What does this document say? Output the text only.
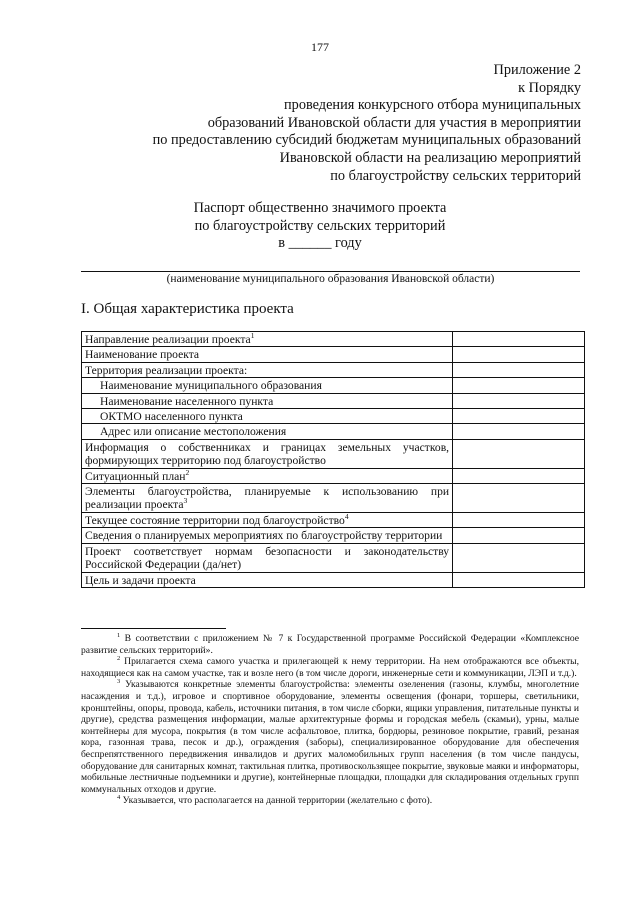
177
Приложение 2
к Порядку
проведения конкурсного отбора муниципальных
образований Ивановской области для участия в мероприятии
по предоставлению субсидий бюджетам муниципальных образований
Ивановской области на реализацию мероприятий
по благоустройству сельских территорий
Паспорт общественно значимого проекта
по благоустройству сельских территорий
в ______ году
(наименование муниципального образования Ивановской области)
I. Общая характеристика проекта
Направление реализации проекта$^1$	
Наименование проекта	
Территория реализации проекта:	
Наименование муниципального образования	
Наименование населенного пункта	
ОКТМО населенного пункта	
Адрес или описание местоположения	
Информация о собственниках и границах земельных участков, формирующих территорию под благоустройство	
Ситуационный план$^2$	
Элементы благоустройства, планируемые к использованию при реализации проекта$^3$	
Текущее состояние территории под благоустройство$^4$	
Сведения о планируемых мероприятиях по благоустройству территории	
Проект соответствует нормам безопасности и законодательству Российской Федерации (да/нет)	
Цель и задачи проекта	

$^1$ В соответствии с приложением № 7 к Государственной программе Российской Федерации «Комплексное развитие сельских территорий».

$^2$ Прилагается схема самого участка и прилегающей к нему территории. На нем отображаются все объекты, находящиеся как на самом участке, так и возле него (в том числе дороги, инженерные сети и коммуникации, ЛЭП и т.д.).

$^3$ Указываются конкретные элементы благоустройства: элементы озеленения (газоны, клумбы, многолетние насаждения и т.д.), игровое и спортивное оборудование, элементы освещения (фонари, торшеры, светильники, кронштейны, опоры, провода, кабель, источники питания, в том числе сборки, ящики управления, питательные пункты и другие), средства размещения информации, малые архитектурные формы и городская мебель (скамьи), урны, малые контейнеры для мусора, покрытия (в том числе асфальтовое, плитка, бордюры, резиновое покрытие, гравий, резаная кора, газонная трава, песок и др.), ограждения (заборы), специализированное оборудование для обеспечения беспрепятственного передвижения инвалидов и других маломобильных групп населения (в том числе пандусы, оборудование для санитарных комнат, тактильная плитка, противоскользящее покрытие, звуковые маяки и информаторы, мобильные лестничные подъемники и другие), контейнерные площадки, площадки для складирования отдельных групп коммунальных отходов и другие.

$^4$ Указывается, что располагается на данной территории (желательно с фото).
